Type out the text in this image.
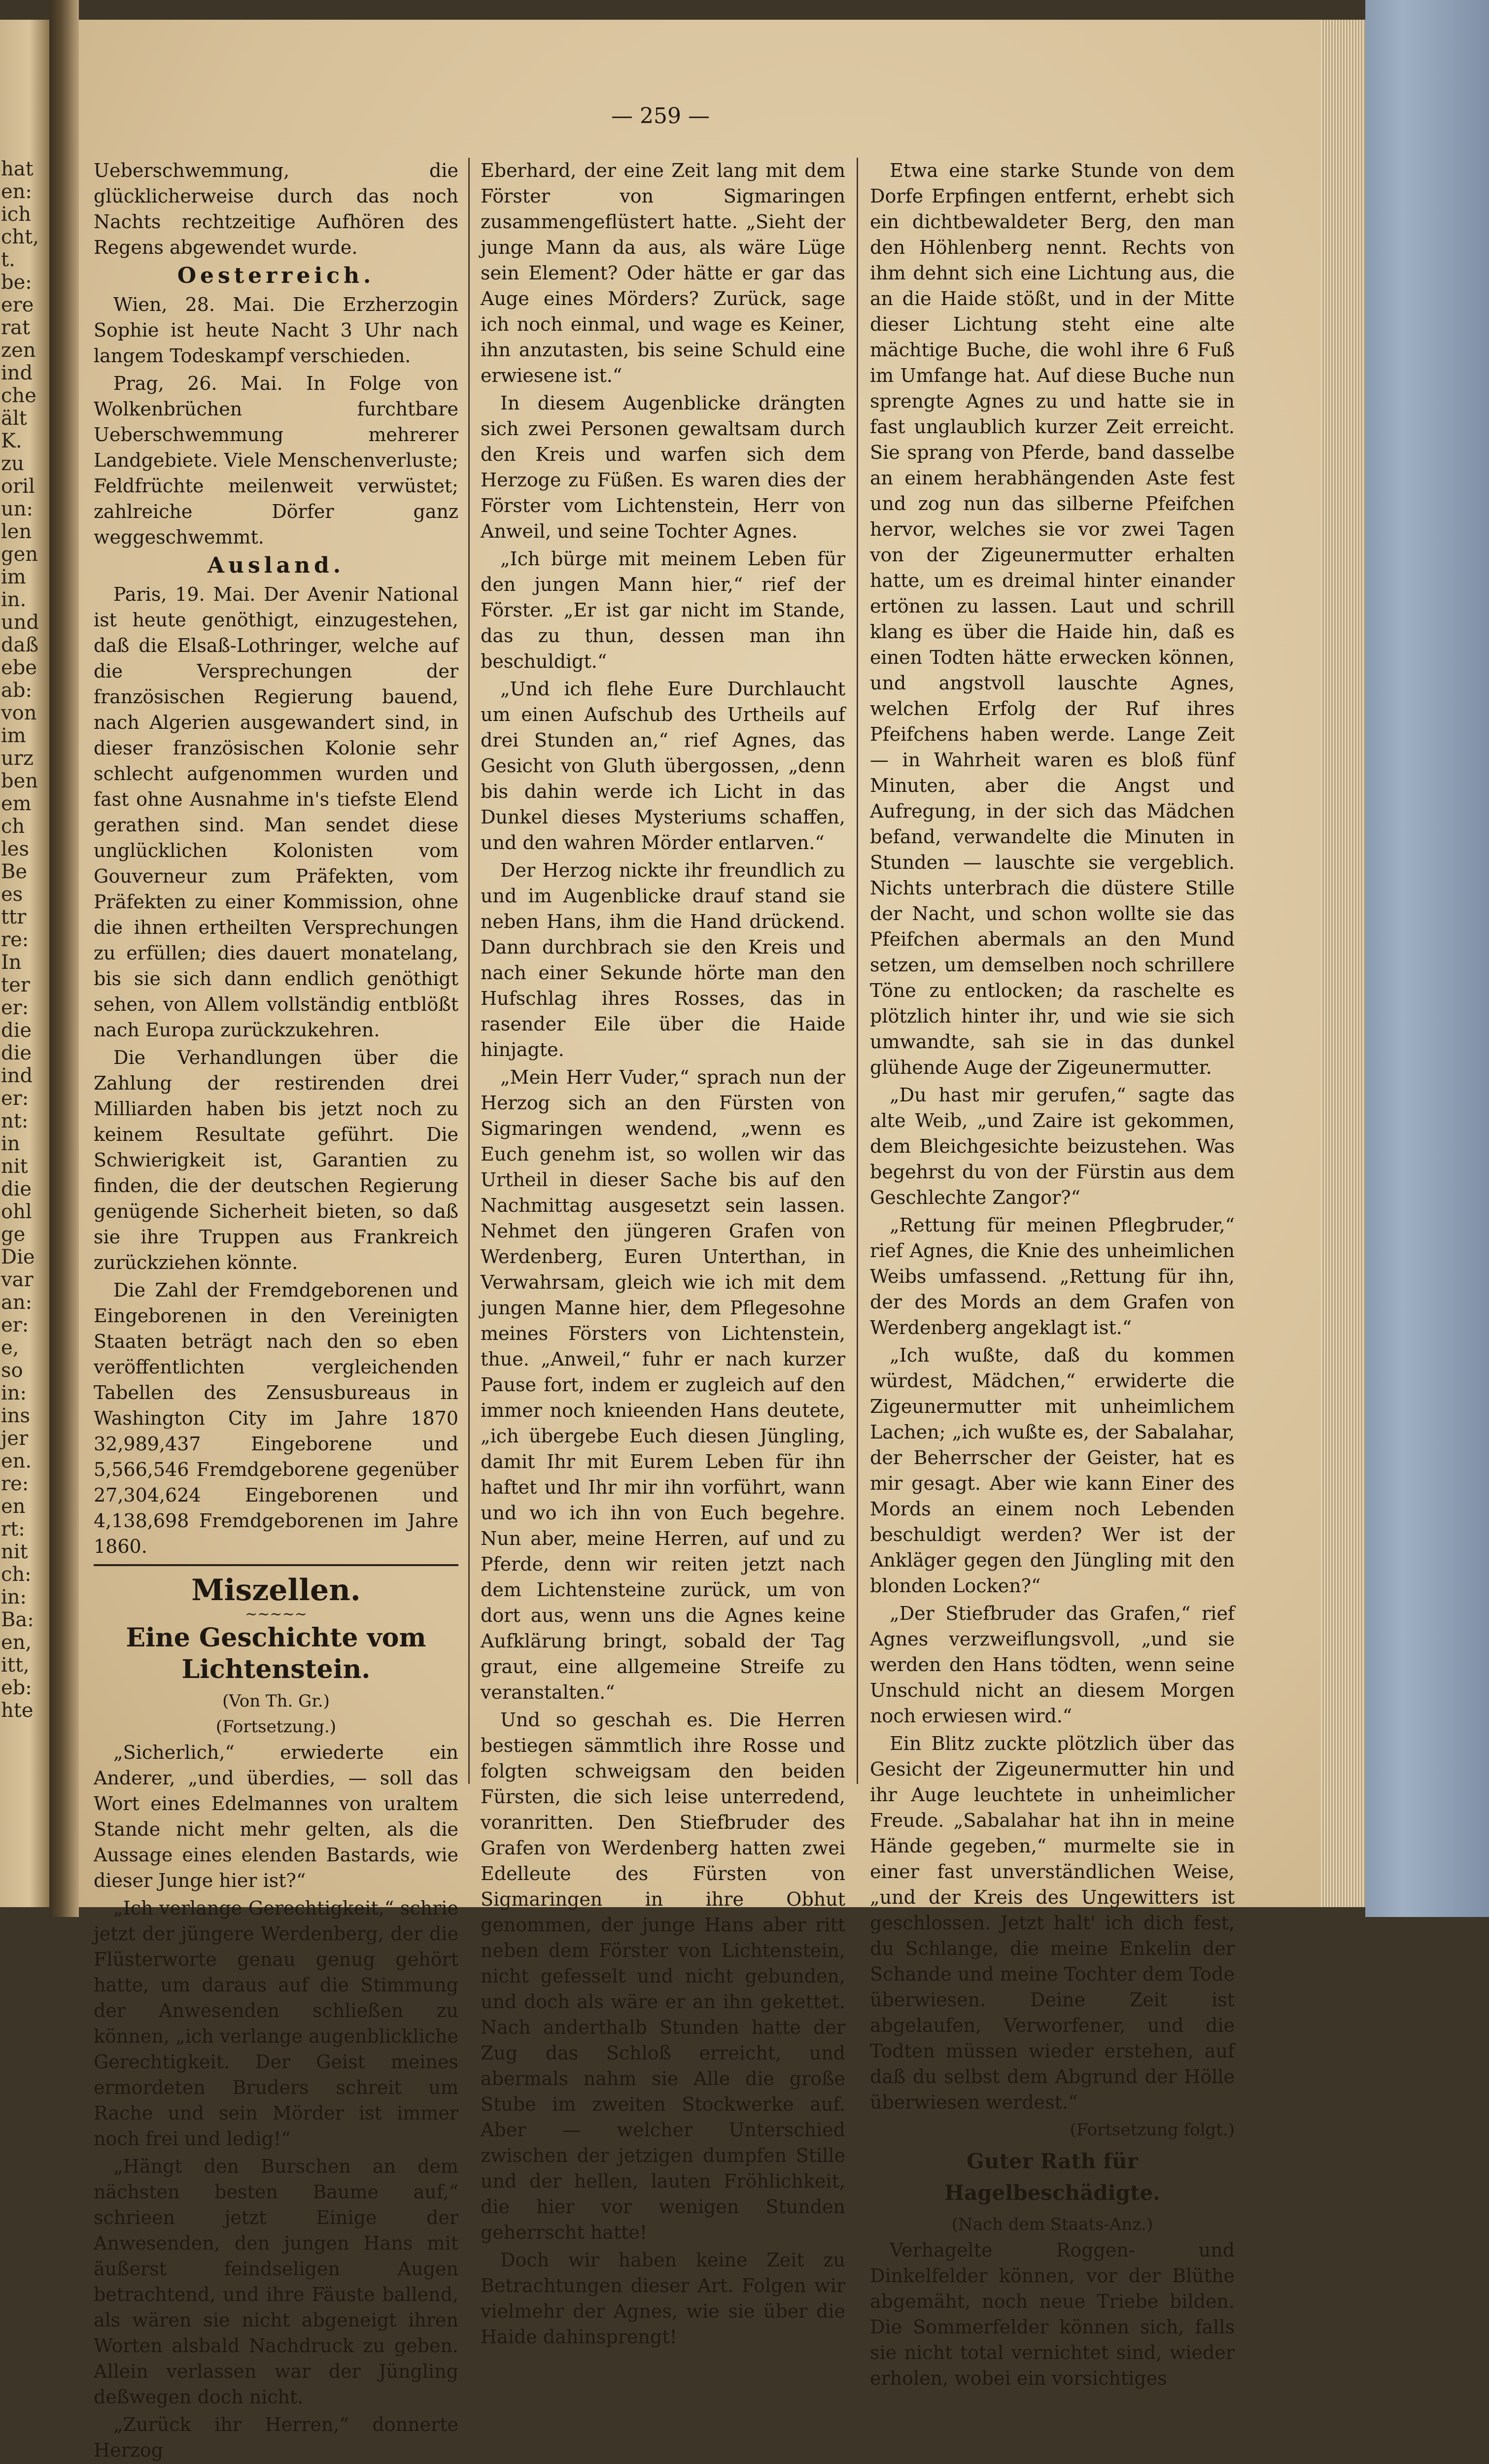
hat
en:
ich
cht,
t.
be:
ere
rat
zen
ind
che
ält
K.
zu
oril
un:
len
gen
im
in.
und
daß
ebe
ab:
von
im
urz
ben
em
ch
les
Be
es
ttr
re:
In
ter
er:
die
die
ind
er:
nt:
in
nit
die
ohl
ge
Die
var
an:
er:
e,
so
in:
ins
jer
en.
re:
en
rt:
nit
ch:
in:
Ba:
en,
itt,
eb:
hte
— 259 —

Ueberschwemmung, die glücklicherweise durch das noch Nachts rechtzeitige Aufhören des Regens abgewendet wurde.

Oesterreich.

Wien, 28. Mai. Die Erzherzogin Sophie ist heute Nacht 3 Uhr nach langem Todeskampf verschieden.

Prag, 26. Mai. In Folge von Wolkenbrüchen furchtbare Ueberschwemmung mehrerer Landgebiete. Viele Menschenverluste; Feldfrüchte meilenweit verwüstet; zahlreiche Dörfer ganz weggeschwemmt.

Ausland.

Paris, 19. Mai. Der Avenir National ist heute genöthigt, einzugestehen, daß die Elsaß-Lothringer, welche auf die Versprechungen der französischen Regierung bauend, nach Algerien ausgewandert sind, in dieser französischen Kolonie sehr schlecht aufgenommen wurden und fast ohne Ausnahme in's tiefste Elend gerathen sind. Man sendet diese unglücklichen Kolonisten vom Gouverneur zum Präfekten, vom Präfekten zu einer Kommission, ohne die ihnen ertheilten Versprechungen zu erfüllen; dies dauert monatelang, bis sie sich dann endlich genöthigt sehen, von Allem vollständig entblößt nach Europa zurückzukehren.

Die Verhandlungen über die Zahlung der restirenden drei Milliarden haben bis jetzt noch zu keinem Resultate geführt. Die Schwierigkeit ist, Garantien zu finden, die der deutschen Regierung genügende Sicherheit bieten, so daß sie ihre Truppen aus Frankreich zurückziehen könnte.

Die Zahl der Fremdgeborenen und Eingeborenen in den Vereinigten Staaten beträgt nach den so eben veröffentlichten vergleichenden Tabellen des Zensusbureaus in Washington City im Jahre 1870 32,989,437 Eingeborene und 5,566,546 Fremdgeborene gegenüber 27,304,624 Eingeborenen und 4,138,698 Fremdgeborenen im Jahre 1860.

Miszellen.

~~~~~

Eine Geschichte vom Lichtenstein.

(Von Th. Gr.)

(Fortsetzung.)

„Sicherlich,“ erwiederte ein Anderer, „und überdies, — soll das Wort eines Edelmannes von uraltem Stande nicht mehr gelten, als die Aussage eines elenden Bastards, wie dieser Junge hier ist?“

„Ich verlange Gerechtigkeit,“ schrie jetzt der jüngere Werdenberg, der die Flüsterworte genau genug gehört hatte, um daraus auf die Stimmung der Anwesenden schließen zu können, „ich verlange augenblickliche Gerechtigkeit. Der Geist meines ermordeten Bruders schreit um Rache und sein Mörder ist immer noch frei und ledig!“

„Hängt den Burschen an dem nächsten besten Baume auf,“ schrieen jetzt Einige der Anwesenden, den jungen Hans mit äußerst feindseligen Augen betrachtend, und ihre Fäuste ballend, als wären sie nicht abgeneigt ihren Worten alsbald Nachdruck zu geben. Allein verlassen war der Jüngling deßwegen doch nicht.

„Zurück ihr Herren,“ donnerte Herzog

Eberhard, der eine Zeit lang mit dem Förster von Sigmaringen zusammengeflüstert hatte. „Sieht der junge Mann da aus, als wäre Lüge sein Element? Oder hätte er gar das Auge eines Mörders? Zurück, sage ich noch einmal, und wage es Keiner, ihn anzutasten, bis seine Schuld eine erwiesene ist.“

In diesem Augenblicke drängten sich zwei Personen gewaltsam durch den Kreis und warfen sich dem Herzoge zu Füßen. Es waren dies der Förster vom Lichtenstein, Herr von Anweil, und seine Tochter Agnes.

„Ich bürge mit meinem Leben für den jungen Mann hier,“ rief der Förster. „Er ist gar nicht im Stande, das zu thun, dessen man ihn beschuldigt.“

„Und ich flehe Eure Durchlaucht um einen Aufschub des Urtheils auf drei Stunden an,“ rief Agnes, das Gesicht von Gluth übergossen, „denn bis dahin werde ich Licht in das Dunkel dieses Mysteriums schaffen, und den wahren Mörder entlarven.“

Der Herzog nickte ihr freundlich zu und im Augenblicke drauf stand sie neben Hans, ihm die Hand drückend. Dann durchbrach sie den Kreis und nach einer Sekunde hörte man den Hufschlag ihres Rosses, das in rasender Eile über die Haide hinjagte.

„Mein Herr Vuder,“ sprach nun der Herzog sich an den Fürsten von Sigmaringen wendend, „wenn es Euch genehm ist, so wollen wir das Urtheil in dieser Sache bis auf den Nachmittag ausgesetzt sein lassen. Nehmet den jüngeren Grafen von Werdenberg, Euren Unterthan, in Verwahrsam, gleich wie ich mit dem jungen Manne hier, dem Pflegesohne meines Försters von Lichtenstein, thue. „Anweil,“ fuhr er nach kurzer Pause fort, indem er zugleich auf den immer noch knieenden Hans deutete, „ich übergebe Euch diesen Jüngling, damit Ihr mit Eurem Leben für ihn haftet und Ihr mir ihn vorführt, wann und wo ich ihn von Euch begehre. Nun aber, meine Herren, auf und zu Pferde, denn wir reiten jetzt nach dem Lichtensteine zurück, um von dort aus, wenn uns die Agnes keine Aufklärung bringt, sobald der Tag graut, eine allgemeine Streife zu veranstalten.“

Und so geschah es. Die Herren bestiegen sämmtlich ihre Rosse und folgten schweigsam den beiden Fürsten, die sich leise unterredend, voranritten. Den Stiefbruder des Grafen von Werdenberg hatten zwei Edelleute des Fürsten von Sigmaringen in ihre Obhut genommen, der junge Hans aber ritt neben dem Förster von Lichtenstein, nicht gefesselt und nicht gebunden, und doch als wäre er an ihn gekettet. Nach anderthalb Stunden hatte der Zug das Schloß erreicht, und abermals nahm sie Alle die große Stube im zweiten Stockwerke auf. Aber — welcher Unterschied zwischen der jetzigen dumpfen Stille und der hellen, lauten Fröhlichkeit, die hier vor wenigen Stunden geherrscht hatte!

Doch wir haben keine Zeit zu Betrachtungen dieser Art. Folgen wir vielmehr der Agnes, wie sie über die Haide dahinsprengt!

Etwa eine starke Stunde von dem Dorfe Erpfingen entfernt, erhebt sich ein dichtbewaldeter Berg, den man den Höhlenberg nennt. Rechts von ihm dehnt sich eine Lichtung aus, die an die Haide stößt, und in der Mitte dieser Lichtung steht eine alte mächtige Buche, die wohl ihre 6 Fuß im Umfange hat. Auf diese Buche nun sprengte Agnes zu und hatte sie in fast unglaublich kurzer Zeit erreicht. Sie sprang von Pferde, band dasselbe an einem herabhängenden Aste fest und zog nun das silberne Pfeifchen hervor, welches sie vor zwei Tagen von der Zigeunermutter erhalten hatte, um es dreimal hinter einander ertönen zu lassen. Laut und schrill klang es über die Haide hin, daß es einen Todten hätte erwecken können, und angstvoll lauschte Agnes, welchen Erfolg der Ruf ihres Pfeifchens haben werde. Lange Zeit — in Wahrheit waren es bloß fünf Minuten, aber die Angst und Aufregung, in der sich das Mädchen befand, verwandelte die Minuten in Stunden — lauschte sie vergeblich. Nichts unterbrach die düstere Stille der Nacht, und schon wollte sie das Pfeifchen abermals an den Mund setzen, um demselben noch schrillere Töne zu entlocken; da raschelte es plötzlich hinter ihr, und wie sie sich umwandte, sah sie in das dunkel glühende Auge der Zigeunermutter.

„Du hast mir gerufen,“ sagte das alte Weib, „und Zaire ist gekommen, dem Bleichgesichte beizustehen. Was begehrst du von der Fürstin aus dem Geschlechte Zangor?“

„Rettung für meinen Pflegbruder,“ rief Agnes, die Knie des unheimlichen Weibs umfassend. „Rettung für ihn, der des Mords an dem Grafen von Werdenberg angeklagt ist.“

„Ich wußte, daß du kommen würdest, Mädchen,“ erwiderte die Zigeunermutter mit unheimlichem Lachen; „ich wußte es, der Sabalahar, der Beherrscher der Geister, hat es mir gesagt. Aber wie kann Einer des Mords an einem noch Lebenden beschuldigt werden? Wer ist der Ankläger gegen den Jüngling mit den blonden Locken?“

„Der Stiefbruder das Grafen,“ rief Agnes verzweiflungsvoll, „und sie werden den Hans tödten, wenn seine Unschuld nicht an diesem Morgen noch erwiesen wird.“

Ein Blitz zuckte plötzlich über das Gesicht der Zigeunermutter hin und ihr Auge leuchtete in unheimlicher Freude. „Sabalahar hat ihn in meine Hände gegeben,“ murmelte sie in einer fast unverständlichen Weise, „und der Kreis des Ungewitters ist geschlossen. Jetzt halt' ich dich fest, du Schlange, die meine Enkelin der Schande und meine Tochter dem Tode überwiesen. Deine Zeit ist abgelaufen, Verworfener, und die Todten müssen wieder erstehen, auf daß du selbst dem Abgrund der Hölle überwiesen werdest.“

(Fortsetzung folgt.)

Guter Rath für Hagelbeschädigte.

(Nach dem Staats-Anz.)

Verhagelte Roggen- und Dinkelfelder können, vor der Blüthe abgemäht, noch neue Triebe bilden. Die Sommerfelder können sich, falls sie nicht total vernichtet sind, wieder erholen, wobei ein vorsichtiges
